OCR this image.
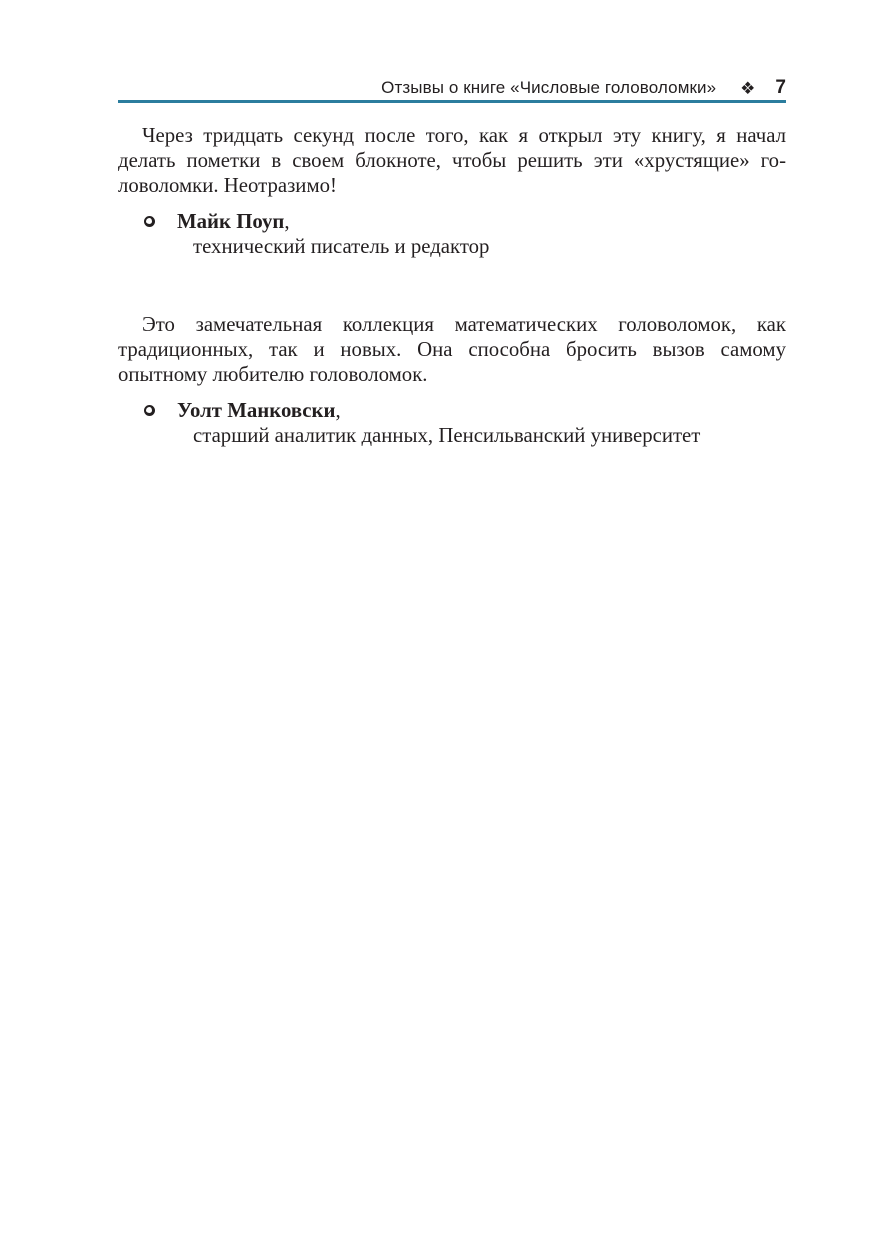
Отзывы о книге «Числовые головоломки» ❖ 7

Через тридцать секунд после того, как я открыл эту книгу, я начал делать пометки в своем блокноте, чтобы решить эти «хрустящие» го-ловоломки. Неотразимо!

Майк Поуп,
технический писатель и редактор

Это замечательная коллекция математических головоломок, как традиционных, так и новых. Она способна бросить вызов самому опытному любителю головоломок.

Уолт Манковски,
старший аналитик данных, Пенсильванский университет
